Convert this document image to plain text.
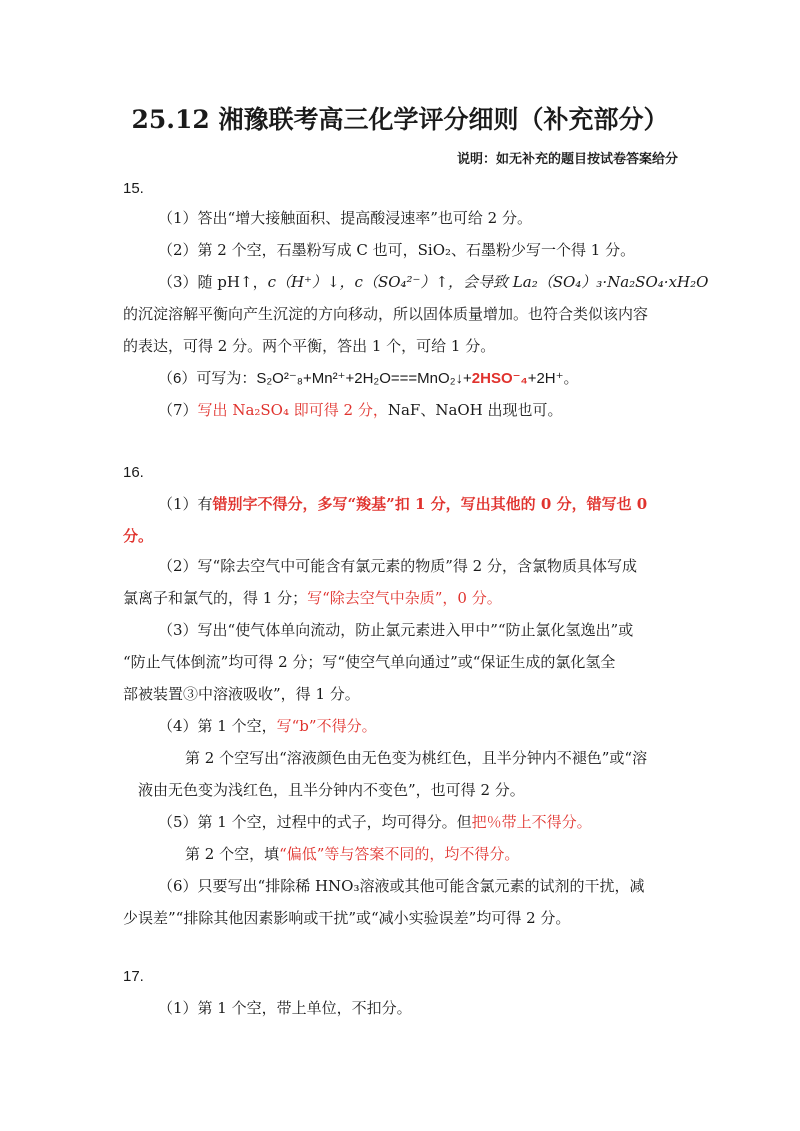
25.12 湘豫联考高三化学评分细则（补充部分）
说明：如无补充的题目按试卷答案给分
15.
（1）答出“增大接触面积、提高酸浸速率”也可给 2 分。
（2）第 2 个空，石墨粉写成 C 也可，SiO₂、石墨粉少写一个得 1 分。
（3）随 pH↑，c（H⁺）↓，c（SO₄²⁻）↑，会导致 La₂（SO₄）₃·Na₂SO₄·xH₂O
的沉淀溶解平衡向产生沉淀的方向移动，所以固体质量增加。也符合类似该内容
的表达，可得 2 分。两个平衡，答出 1 个，可给 1 分。
（6）可写为：S₂O²⁻₈+Mn²⁺+2H₂O===MnO₂↓+2HSO⁻₄+2H⁺。
（7）写出 Na₂SO₄ 即可得 2 分，NaF、NaOH 出现也可。
16.
（1）有错别字不得分，多写“羧基”扣 1 分，写出其他的 0 分，错写也 0
分。
（2）写“除去空气中可能含有氯元素的物质”得 2 分，含氯物质具体写成
氯离子和氯气的，得 1 分；写“除去空气中杂质”，0 分。
（3）写出“使气体单向流动，防止氯元素进入甲中”“防止氯化氢逸出”或
“防止气体倒流”均可得 2 分；写“使空气单向通过”或“保证生成的氯化氢全
部被装置③中溶液吸收”，得 1 分。
（4）第 1 个空，写“b”不得分。
第 2 个空写出“溶液颜色由无色变为桃红色，且半分钟内不褪色”或“溶
液由无色变为浅红色，且半分钟内不变色”，也可得 2 分。
（5）第 1 个空，过程中的式子，均可得分。但把％带上不得分。
第 2 个空，填“偏低”等与答案不同的，均不得分。
（6）只要写出“排除稀 HNO₃溶液或其他可能含氯元素的试剂的干扰，减
少误差”“排除其他因素影响或干扰”或“减小实验误差”均可得 2 分。
17.
（1）第 1 个空，带上单位，不扣分。
